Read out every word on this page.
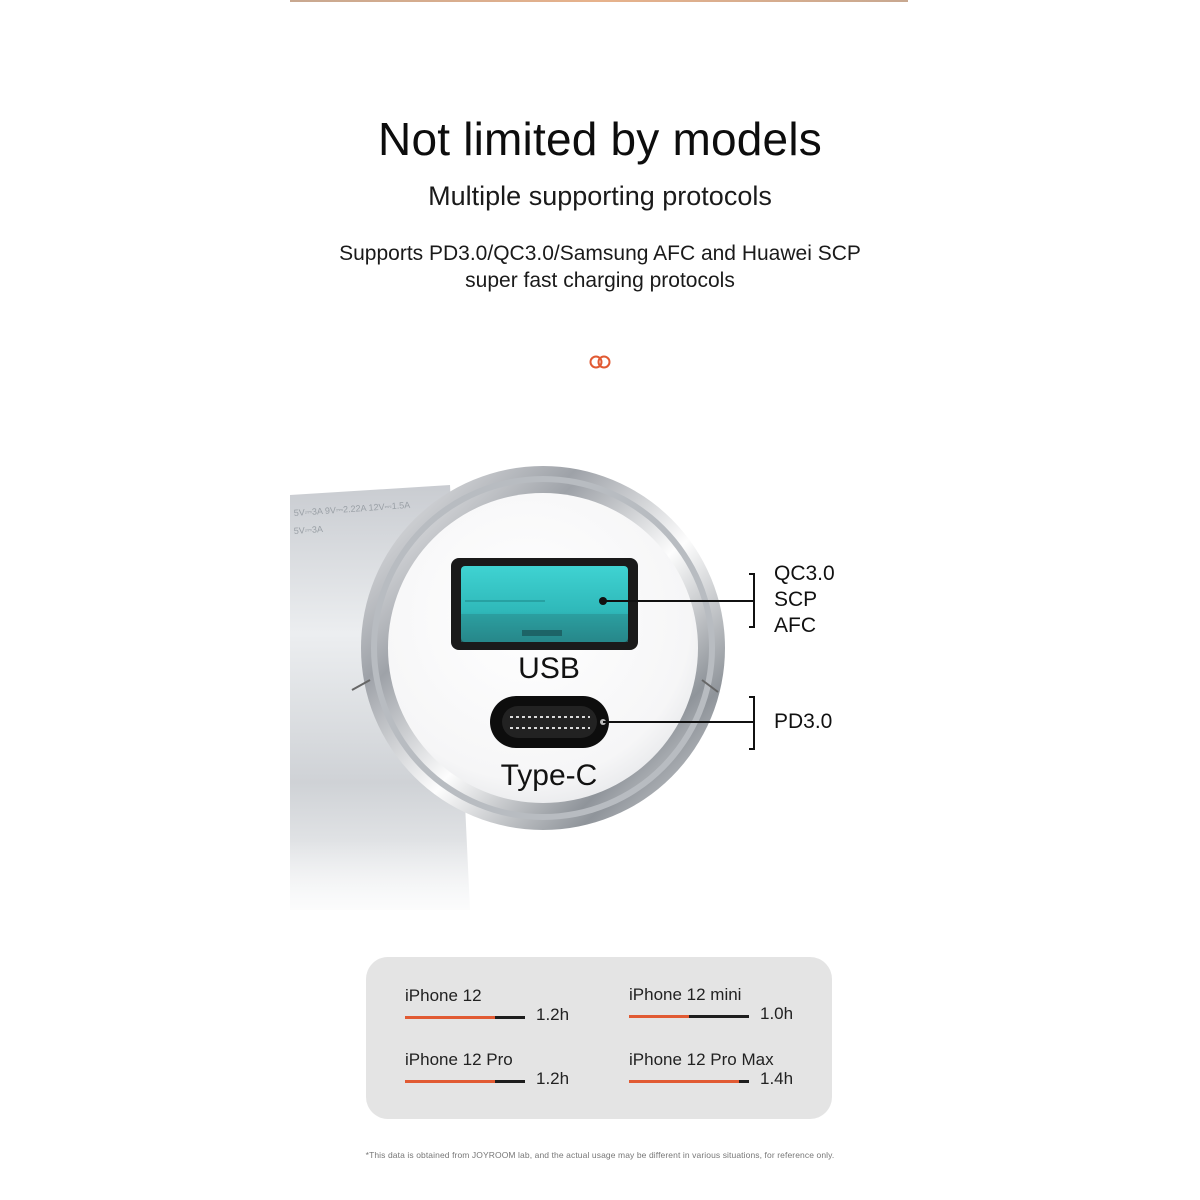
Not limited by models
Multiple supporting protocols
Supports PD3.0/QC3.0/Samsung AFC and Huawei SCP
super fast charging protocols
5V⎓3A 9V⎓2.22A 12V⎓1.5A
5V⎓3A
USB
Type-C
QC3.0
SCP
AFC
PD3.0
iPhone 12
1.2h
iPhone 12 mini
1.0h
iPhone 12 Pro
1.2h
iPhone 12 Pro Max
1.4h
*This data is obtained from JOYROOM lab, and the actual usage may be different in various situations, for reference only.
